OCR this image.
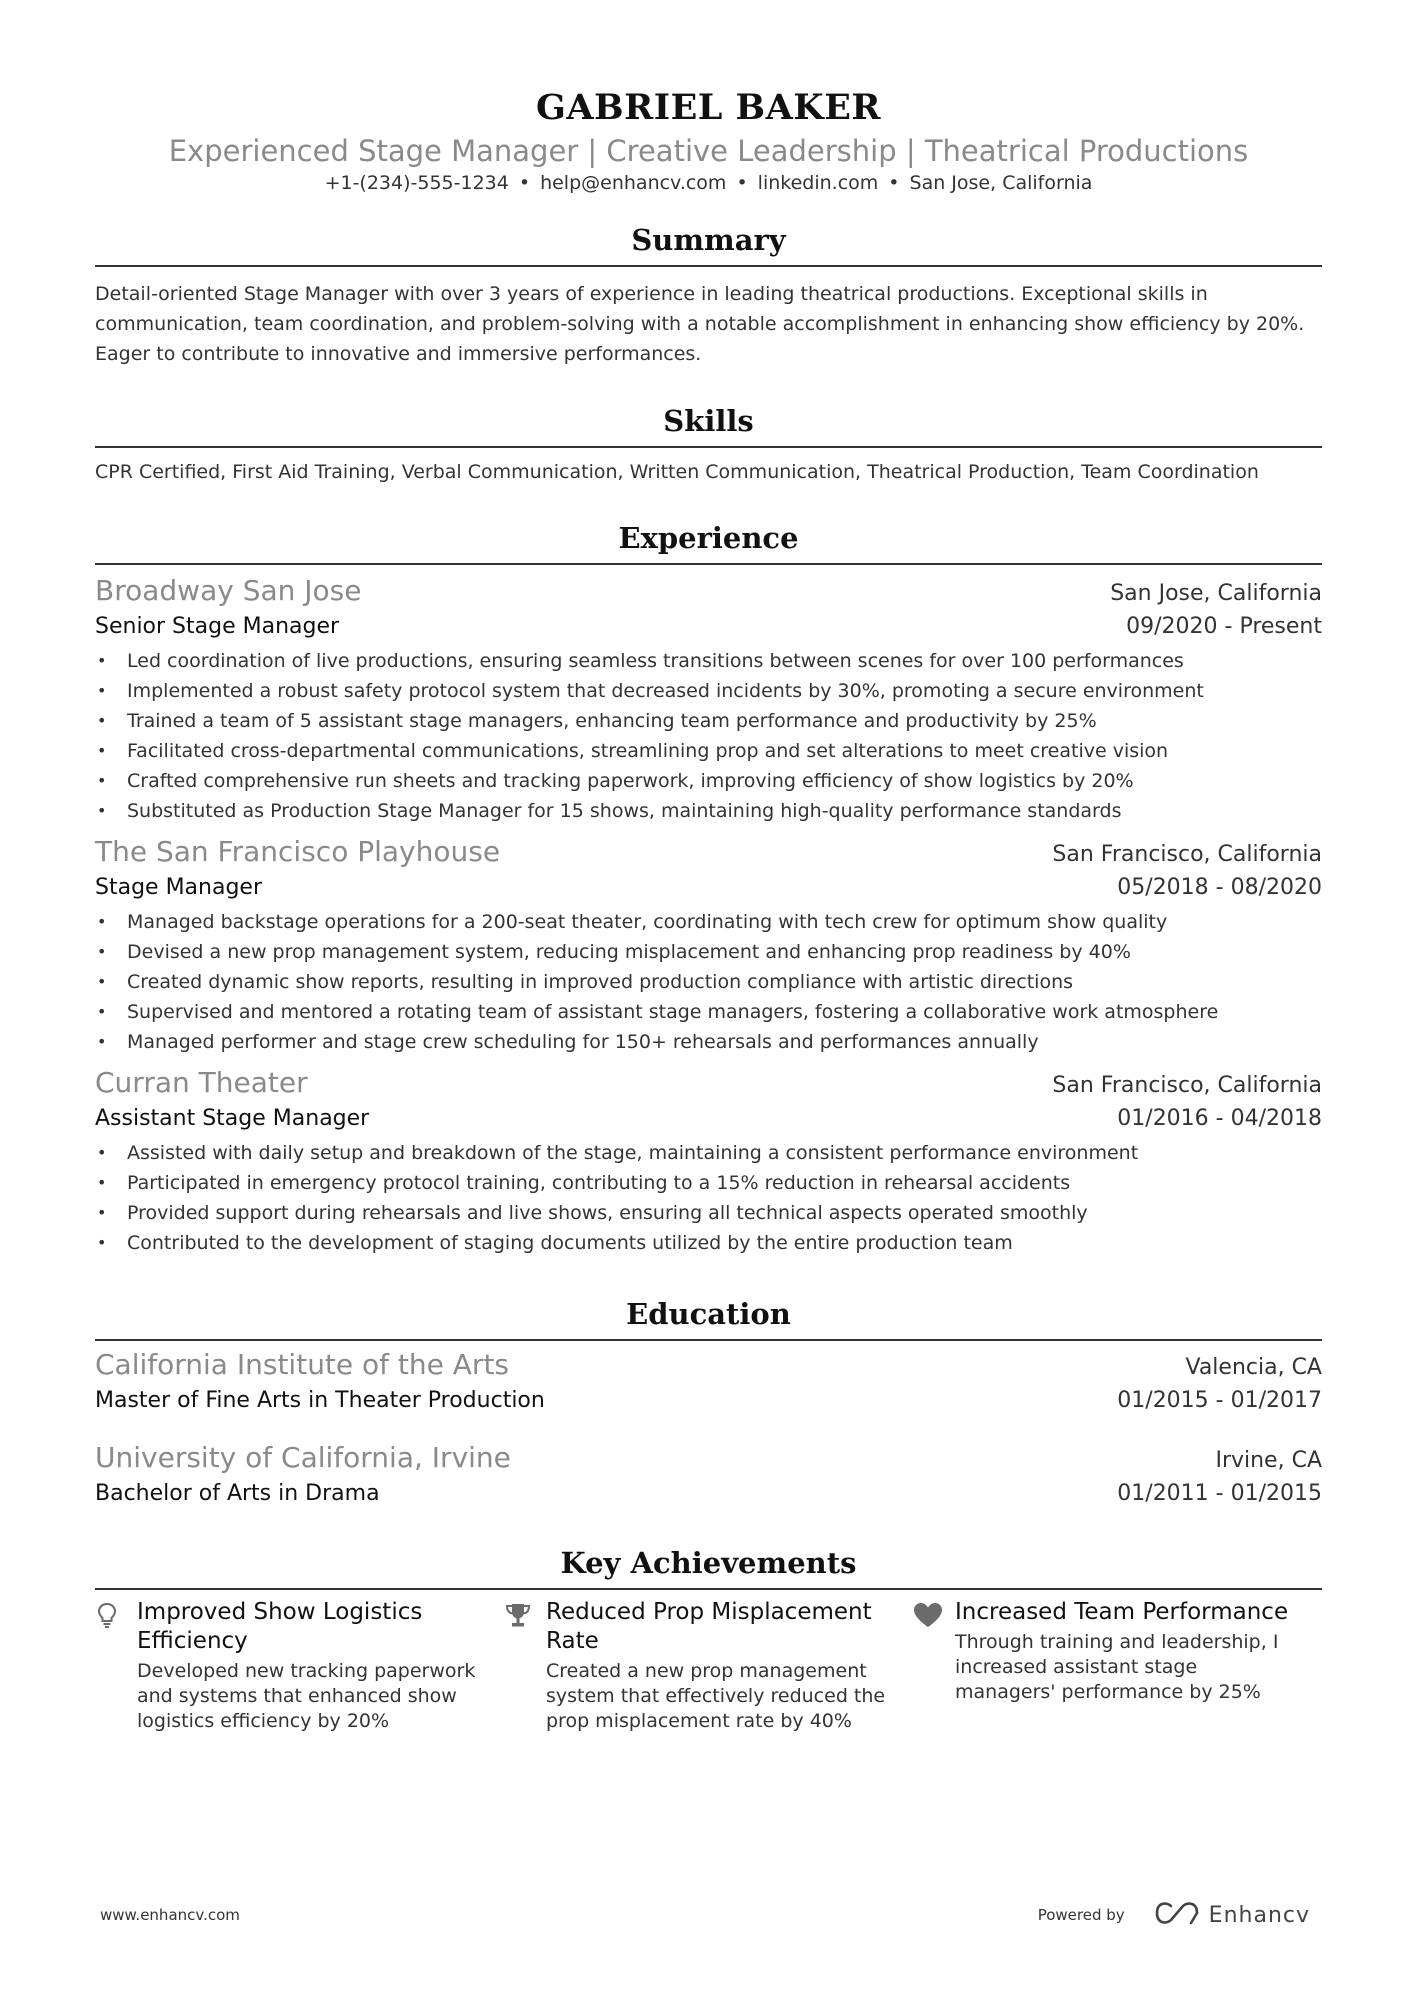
GABRIEL BAKER
Experienced Stage Manager | Creative Leadership | Theatrical Productions
+1-(234)-555-1234 • help@enhancv.com • linkedin.com • San Jose, California
Summary
Detail-oriented Stage Manager with over 3 years of experience in leading theatrical productions. Exceptional skills in communication, team coordination, and problem-solving with a notable accomplishment in enhancing show efficiency by 20%. Eager to contribute to innovative and immersive performances.
Skills
CPR Certified, First Aid Training, Verbal Communication, Written Communication, Theatrical Production, Team Coordination
Experience
Broadway San Jose	San Jose, California
Senior Stage Manager	09/2020 - Present
• Led coordination of live productions, ensuring seamless transitions between scenes for over 100 performances
• Implemented a robust safety protocol system that decreased incidents by 30%, promoting a secure environment
• Trained a team of 5 assistant stage managers, enhancing team performance and productivity by 25%
• Facilitated cross-departmental communications, streamlining prop and set alterations to meet creative vision
• Crafted comprehensive run sheets and tracking paperwork, improving efficiency of show logistics by 20%
• Substituted as Production Stage Manager for 15 shows, maintaining high-quality performance standards
The San Francisco Playhouse	San Francisco, California
Stage Manager	05/2018 - 08/2020
• Managed backstage operations for a 200-seat theater, coordinating with tech crew for optimum show quality
• Devised a new prop management system, reducing misplacement and enhancing prop readiness by 40%
• Created dynamic show reports, resulting in improved production compliance with artistic directions
• Supervised and mentored a rotating team of assistant stage managers, fostering a collaborative work atmosphere
• Managed performer and stage crew scheduling for 150+ rehearsals and performances annually
Curran Theater	San Francisco, California
Assistant Stage Manager	01/2016 - 04/2018
• Assisted with daily setup and breakdown of the stage, maintaining a consistent performance environment
• Participated in emergency protocol training, contributing to a 15% reduction in rehearsal accidents
• Provided support during rehearsals and live shows, ensuring all technical aspects operated smoothly
• Contributed to the development of staging documents utilized by the entire production team
Education
California Institute of the Arts	Valencia, CA
Master of Fine Arts in Theater Production	01/2015 - 01/2017
University of California, Irvine	Irvine, CA
Bachelor of Arts in Drama	01/2011 - 01/2015
Key Achievements
Improved Show Logistics Efficiency
Developed new tracking paperwork and systems that enhanced show logistics efficiency by 20%
Reduced Prop Misplacement Rate
Created a new prop management system that effectively reduced the prop misplacement rate by 40%
Increased Team Performance
Through training and leadership, I increased assistant stage managers' performance by 25%
www.enhancv.com	Powered by	Enhancv
